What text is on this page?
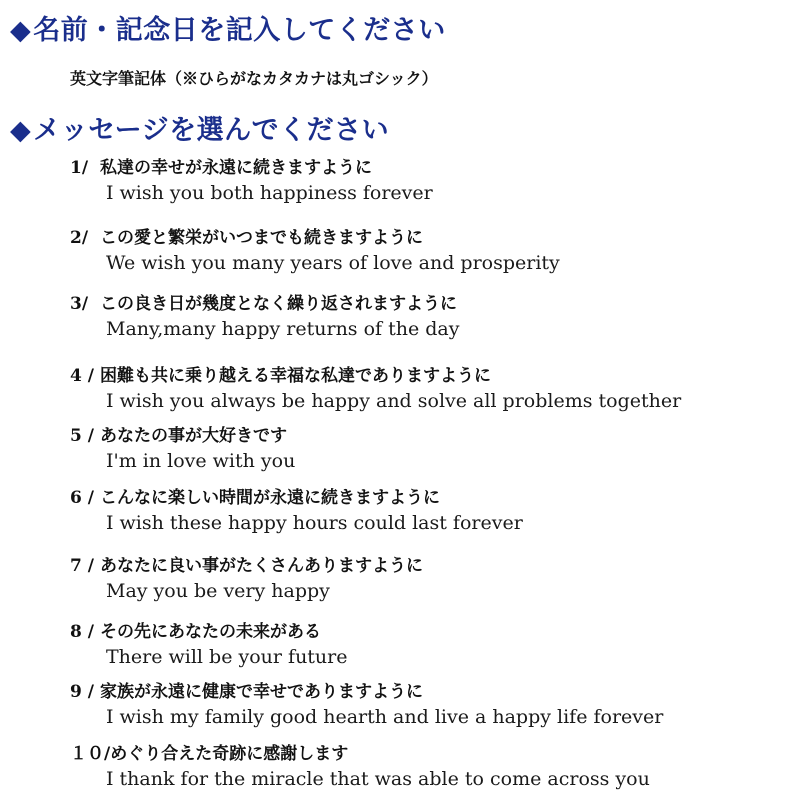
◆名前・記念日を記入してください
英文字筆記体（※ひらがなカタカナは丸ゴシック）
◆メッセージを選んでください
1/ 私達の幸せが永遠に続きますように
I wish you both happiness forever
2/ この愛と繁栄がいつまでも続きますように
We wish you many years of love and prosperity
3/ この良き日が幾度となく繰り返されますように
Many,many happy returns of the day
4 / 困難も共に乗り越える幸福な私達でありますように
I wish you always be happy and solve all problems together
5 / あなたの事が大好きです
I'm in love with you
6 / こんなに楽しい時間が永遠に続きますように
I wish these happy hours could last forever
7 / あなたに良い事がたくさんありますように
May you be very happy
8 / その先にあなたの未来がある
There will be your future
9 / 家族が永遠に健康で幸せでありますように
I wish my family good hearth and live a happy life forever
１０/めぐり合えた奇跡に感謝します
I thank for the miracle that was able to come across you
